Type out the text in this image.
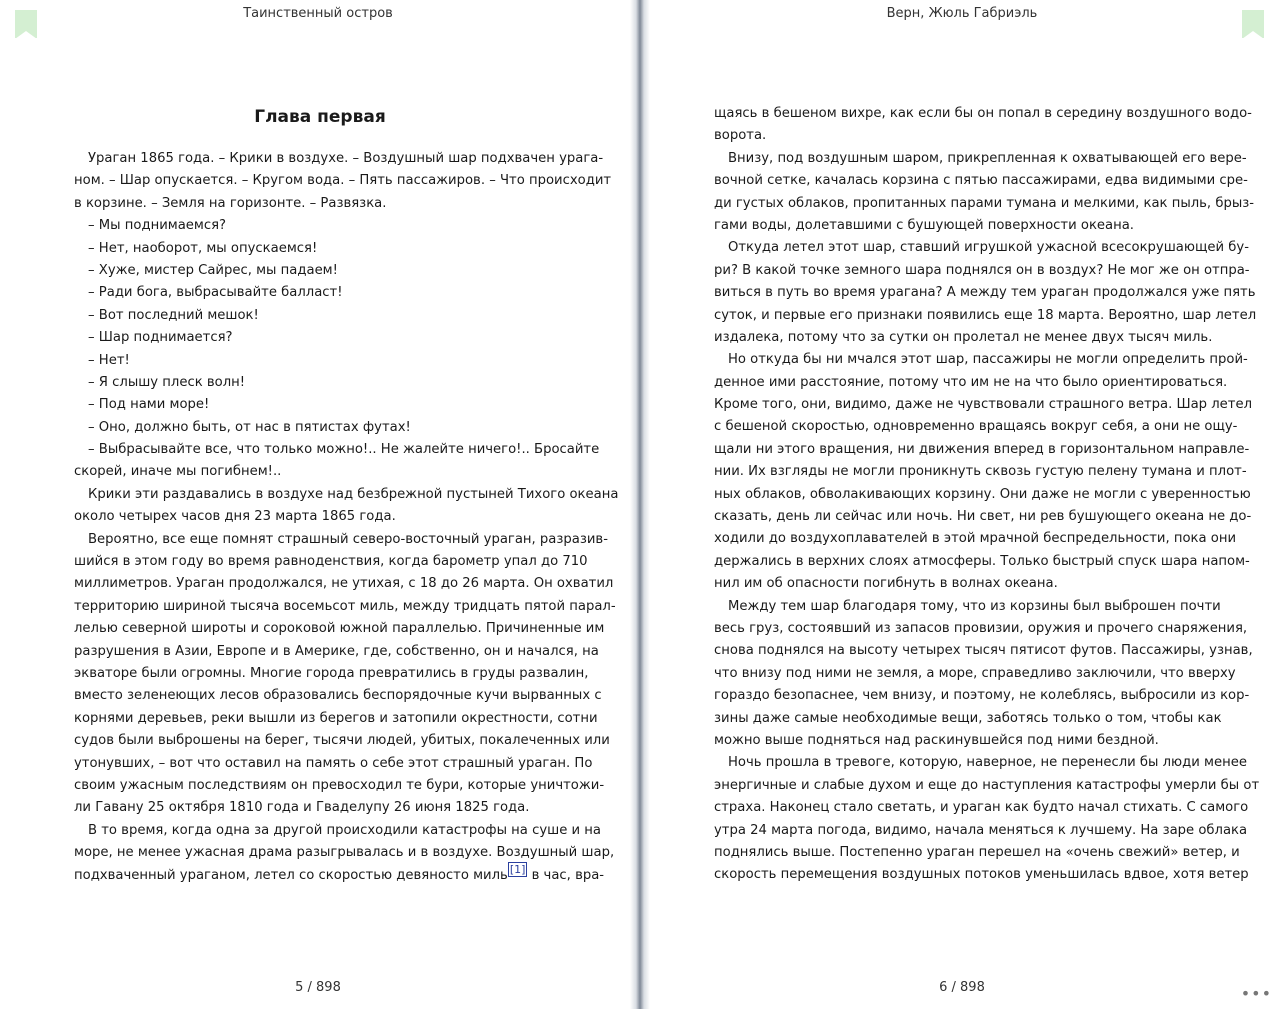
Таинственный остров
Глава первая
Ураган 1865 года. – Крики в воздухе. – Воздушный шар подхвачен урага-
ном. – Шар опускается. – Кругом вода. – Пять пассажиров. – Что происходит
в корзине. – Земля на горизонте. – Развязка.
– Мы поднимаемся?
– Нет, наоборот, мы опускаемся!
– Хуже, мистер Сайрес, мы падаем!
– Ради бога, выбрасывайте балласт!
– Вот последний мешок!
– Шар поднимается?
– Нет!
– Я слышу плеск волн!
– Под нами море!
– Оно, должно быть, от нас в пятистах футах!
– Выбрасывайте все, что только можно!.. Не жалейте ничего!.. Бросайте
скорей, иначе мы погибнем!..
Крики эти раздавались в воздухе над безбрежной пустыней Тихого океана
около четырех часов дня 23 марта 1865 года.
Вероятно, все еще помнят страшный северо-восточный ураган, разразив-
шийся в этом году во время равноденствия, когда барометр упал до 710
миллиметров. Ураган продолжался, не утихая, с 18 до 26 марта. Он охватил
территорию шириной тысяча восемьсот миль, между тридцать пятой парал-
лелью северной широты и сороковой южной параллелью. Причиненные им
разрушения в Азии, Европе и в Америке, где, собственно, он и начался, на
экваторе были огромны. Многие города превратились в груды развалин,
вместо зеленеющих лесов образовались беспорядочные кучи вырванных с
корнями деревьев, реки вышли из берегов и затопили окрестности, сотни
судов были выброшены на берег, тысячи людей, убитых, покалеченных или
утонувших, – вот что оставил на память о себе этот страшный ураган. По
своим ужасным последствиям он превосходил те бури, которые уничтожи-
ли Гавану 25 октября 1810 года и Гваделупу 26 июня 1825 года.
В то время, когда одна за другой происходили катастрофы на суше и на
море, не менее ужасная драма разыгрывалась и в воздухе. Воздушный шар,
подхваченный ураганом, летел со скоростью девяносто миль [1] в час, вра-
5 / 898
Верн, Жюль Габриэль
щаясь в бешеном вихре, как если бы он попал в середину воздушного водо-
ворота.
Внизу, под воздушным шаром, прикрепленная к охватывающей его вере-
вочной сетке, качалась корзина с пятью пассажирами, едва видимыми сре-
ди густых облаков, пропитанных парами тумана и мелкими, как пыль, брыз-
гами воды, долетавшими с бушующей поверхности океана.
Откуда летел этот шар, ставший игрушкой ужасной всесокрушающей бу-
ри? В какой точке земного шара поднялся он в воздух? Не мог же он отпра-
виться в путь во время урагана? А между тем ураган продолжался уже пять
суток, и первые его признаки появились еще 18 марта. Вероятно, шар летел
издалека, потому что за сутки он пролетал не менее двух тысяч миль.
Но откуда бы ни мчался этот шар, пассажиры не могли определить прой-
денное ими расстояние, потому что им не на что было ориентироваться.
Кроме того, они, видимо, даже не чувствовали страшного ветра. Шар летел
с бешеной скоростью, одновременно вращаясь вокруг себя, а они не ощу-
щали ни этого вращения, ни движения вперед в горизонтальном направле-
нии. Их взгляды не могли проникнуть сквозь густую пелену тумана и плот-
ных облаков, обволакивающих корзину. Они даже не могли с уверенностью
сказать, день ли сейчас или ночь. Ни свет, ни рев бушующего океана не до-
ходили до воздухоплавателей в этой мрачной беспредельности, пока они
держались в верхних слоях атмосферы. Только быстрый спуск шара напом-
нил им об опасности погибнуть в волнах океана.
Между тем шар благодаря тому, что из корзины был выброшен почти
весь груз, состоявший из запасов провизии, оружия и прочего снаряжения,
снова поднялся на высоту четырех тысяч пятисот футов. Пассажиры, узнав,
что внизу под ними не земля, а море, справедливо заключили, что вверху
гораздо безопаснее, чем внизу, и поэтому, не колеблясь, выбросили из кор-
зины даже самые необходимые вещи, заботясь только о том, чтобы как
можно выше подняться над раскинувшейся под ними бездной.
Ночь прошла в тревоге, которую, наверное, не перенесли бы люди менее
энергичные и слабые духом и еще до наступления катастрофы умерли бы от
страха. Наконец стало светать, и ураган как будто начал стихать. С самого
утра 24 марта погода, видимо, начала меняться к лучшему. На заре облака
поднялись выше. Постепенно ураган перешел на «очень свежий» ветер, и
скорость перемещения воздушных потоков уменьшилась вдвое, хотя ветер
6 / 898	•••
